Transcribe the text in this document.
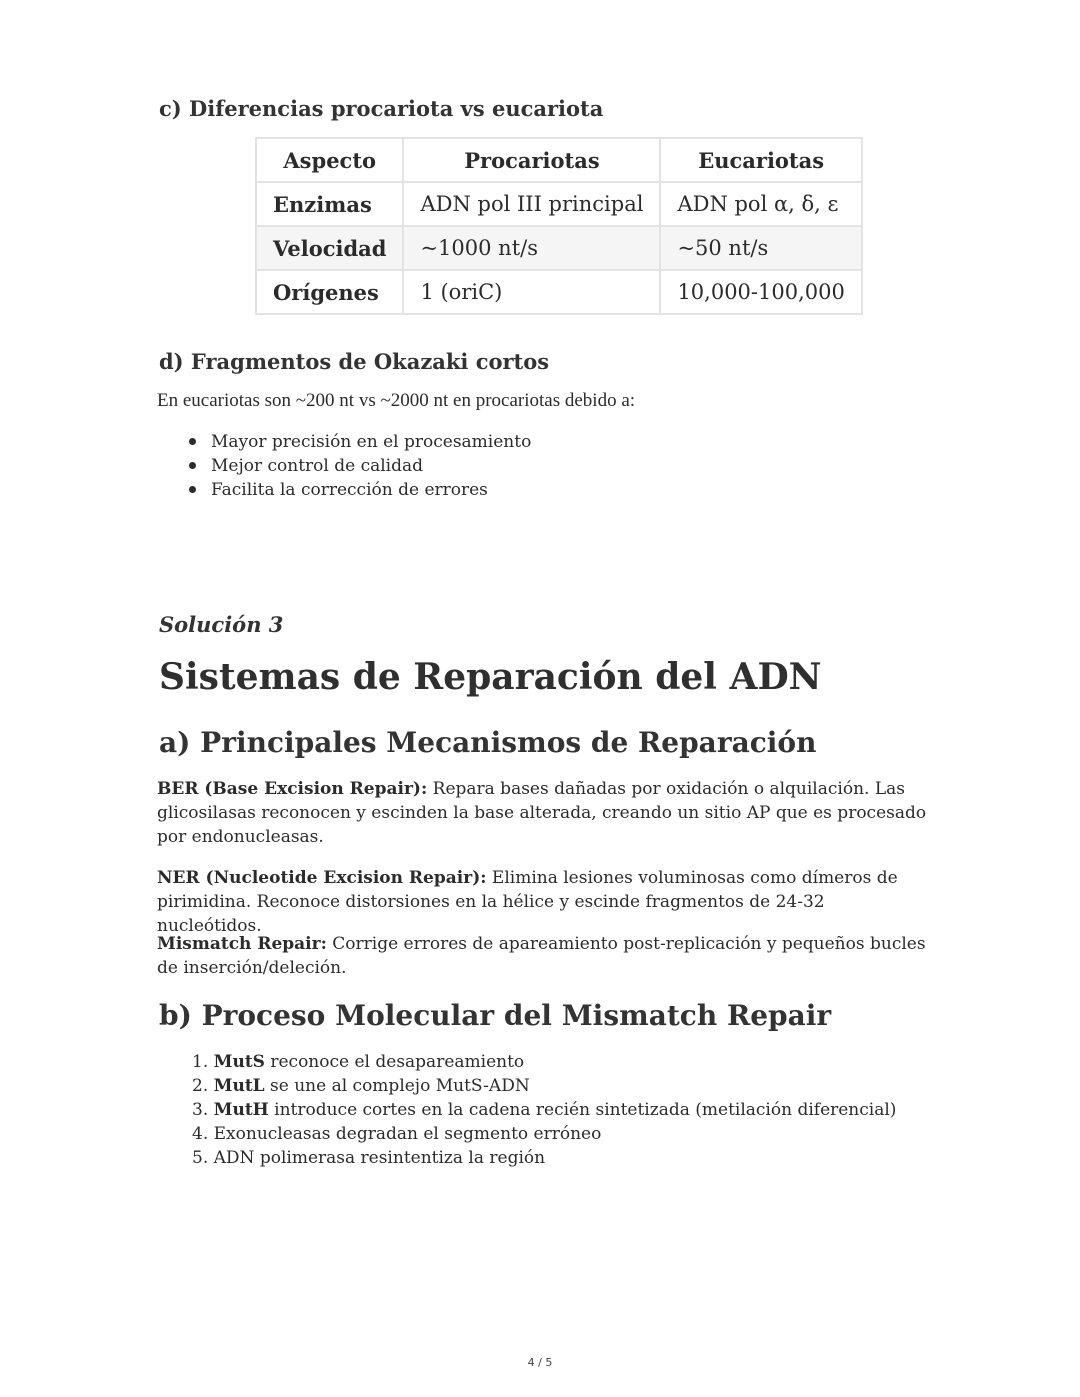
c) Diferencias procariota vs eucariota
Aspecto	Procariotas	Eucariotas
Enzimas	ADN pol III principal	ADN pol α, δ, ε
Velocidad	~1000 nt/s	~50 nt/s
Orígenes	1 (oriC)	10,000-100,000
d) Fragmentos de Okazaki cortos
En eucariotas son ~200 nt vs ~2000 nt en procariotas debido a:
Mayor precisión en el procesamiento
Mejor control de calidad
Facilita la corrección de errores
Solución 3
Sistemas de Reparación del ADN
a) Principales Mecanismos de Reparación
BER (Base Excision Repair): Repara bases dañadas por oxidación o alquilación. Las glicosilasas reconocen y escinden la base alterada, creando un sitio AP que es procesado por endonucleasas.
NER (Nucleotide Excision Repair): Elimina lesiones voluminosas como dímeros de pirimidina. Reconoce distorsiones en la hélice y escinde fragmentos de 24-32 nucleótidos.
Mismatch Repair: Corrige errores de apareamiento post-replicación y pequeños bucles de inserción/deleción.
b) Proceso Molecular del Mismatch Repair
1. MutS reconoce el desapareamiento
2. MutL se une al complejo MutS-ADN
3. MutH introduce cortes en la cadena recién sintetizada (metilación diferencial)
4. Exonucleasas degradan el segmento erróneo
5. ADN polimerasa resintentiza la región
4 / 5
